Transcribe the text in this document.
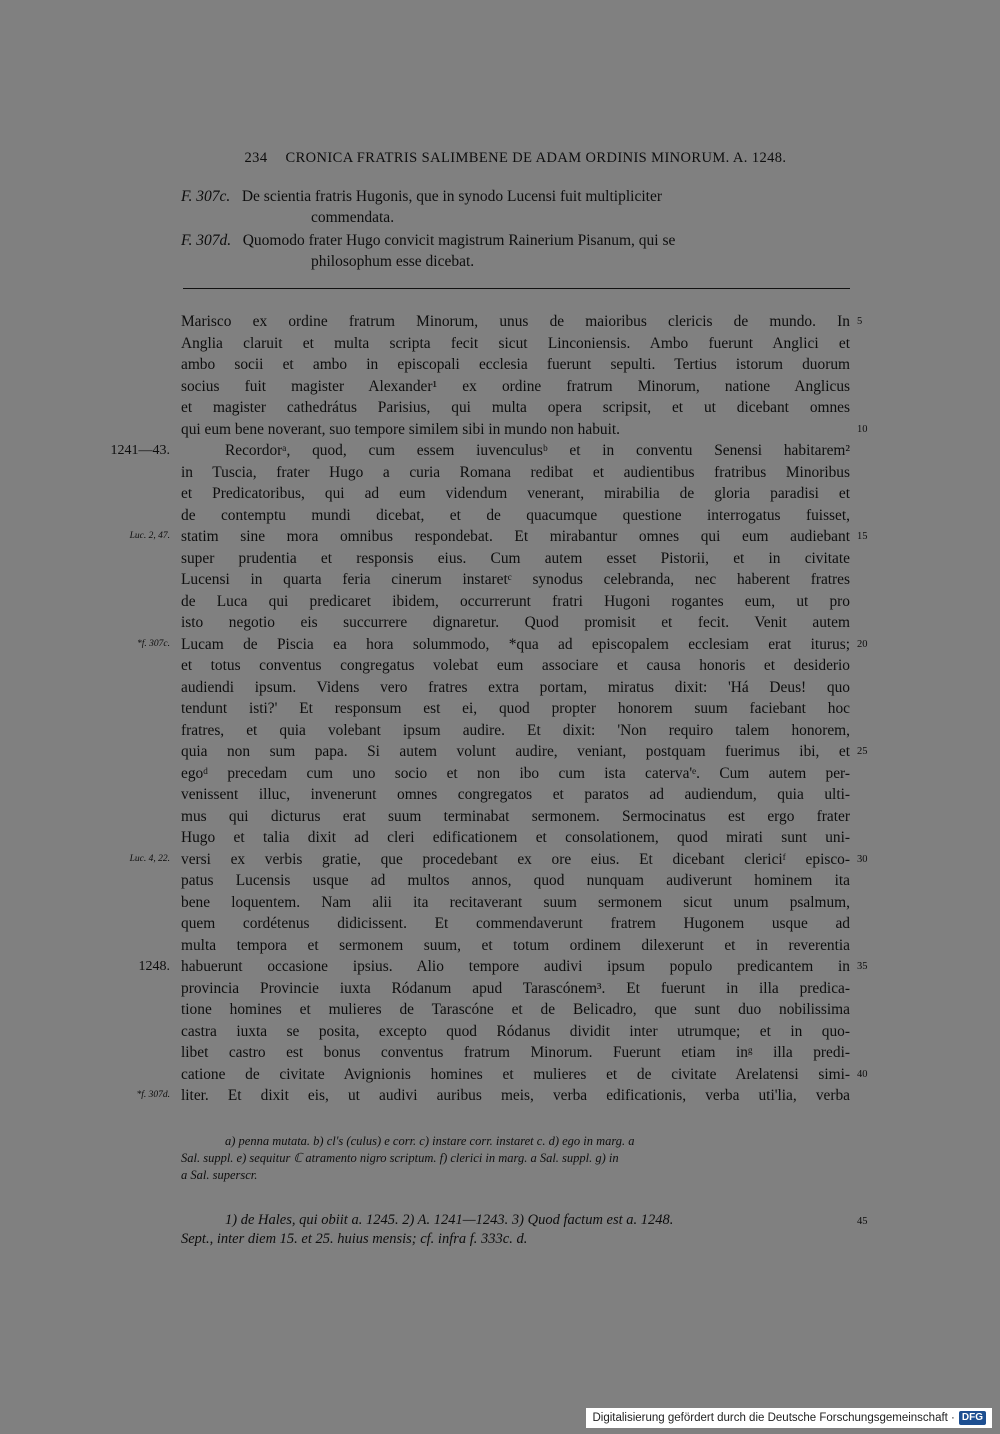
234 CRONICA FRATRIS SALIMBENE DE ADAM ORDINIS MINORUM. A. 1248.
F. 307c. De scientia fratris Hugonis, que in synodo Lucensi fuit multipliciter
commendata.
F. 307d. Quomodo frater Hugo convicit magistrum Rainerium Pisanum, qui se
philosophum esse dicebat.
Marisco ex ordine fratrum Minorum, unus de maioribus clericis de mundo. In
Anglia claruit et multa scripta fecit sicut Linconiensis. Ambo fuerunt Anglici et
ambo socii et ambo in episcopali ecclesia fuerunt sepulti. Tertius istorum duorum
socius fuit magister Alexander¹ ex ordine fratrum Minorum, natione Anglicus
et magister cathedrátus Parisius, qui multa opera scripsit, et ut dicebant omnes
qui eum bene noverant, suo tempore similem sibi in mundo non habuit.
Recordorᵃ, quod, cum essem iuvenculusᵇ et in conventu Senensi habitarem²
in Tuscia, frater Hugo a curia Romana redibat et audientibus fratribus Minoribus
et Predicatoribus, qui ad eum videndum venerant, mirabilia de gloria paradisi et
de contemptu mundi dicebat, et de quacumque questione interrogatus fuisset,
statim sine mora omnibus respondebat. Et mirabantur omnes qui eum audiebant
super prudentia et responsis eius. Cum autem esset Pistorii, et in civitate
Lucensi in quarta feria cinerum instaretᶜ synodus celebranda, nec haberent fratres
de Luca qui predicaret ibidem, occurrerunt fratri Hugoni rogantes eum, ut pro
isto negotio eis succurrere dignaretur. Quod promisit et fecit. Venit autem
Lucam de Piscia ea hora solummodo, *qua ad episcopalem ecclesiam erat iturus;
et totus conventus congregatus volebat eum associare et causa honoris et desiderio
audiendi ipsum. Videns vero fratres extra portam, miratus dixit: 'Há Deus! quo
tendunt isti?' Et responsum est ei, quod propter honorem suum faciebant hoc
fratres, et quia volebant ipsum audire. Et dixit: 'Non requiro talem honorem,
quia non sum papa. Si autem volunt audire, veniant, postquam fuerimus ibi, et
egoᵈ precedam cum uno socio et non ibo cum ista caterva'ᵉ. Cum autem per-
venissent illuc, invenerunt omnes congregatos et paratos ad audiendum, quia ulti-
mus qui dicturus erat suum terminabat sermonem. Sermocinatus est ergo frater
Hugo et talia dixit ad cleri edificationem et consolationem, quod mirati sunt uni-
versi ex verbis gratie, que procedebant ex ore eius. Et dicebant clericiᶠ episco-
patus Lucensis usque ad multos annos, quod nunquam audiverunt hominem ita
bene loquentem. Nam alii ita recitaverant suum sermonem sicut unum psalmum,
quem cordétenus didicissent. Et commendaverunt fratrem Hugonem usque ad
multa tempora et sermonem suum, et totum ordinem dilexerunt et in reverentia
habuerunt occasione ipsius. Alio tempore audivi ipsum populo predicantem in
provincia Provincie iuxta Ródanum apud Tarascónem³. Et fuerunt in illa predica-
tione homines et mulieres de Tarascóne et de Belicadro, que sunt duo nobilissima
castra iuxta se posita, excepto quod Ródanus dividit inter utrumque; et in quo-
libet castro est bonus conventus fratrum Minorum. Fuerunt etiam inᵍ illa predi-
catione de civitate Avignionis homines et mulieres et de civitate Arelatensi simi-
liter. Et dixit eis, ut audivi auribus meis, verba edificationis, verba uti'lia, verba
1241—43.
Luc. 2, 47.
*f. 307c.
Luc. 4, 22.
1248.
*f. 307d.
5
10
15
20
25
30
35
40
a) penna mutata. b) cl's (culus) e corr. c) instare corr. instaret c. d) ego in marg. a
Sal. suppl. e) sequitur ℂ atramento nigro scriptum. f) clerici in marg. a Sal. suppl. g) in
a Sal. superscr.
1) de Hales, qui obiit a. 1245. 2) A. 1241—1243. 3) Quod factum est a. 1248.
Sept., inter diem 15. et 25. huius mensis; cf. infra f. 333c. d.
45
Digitalisierung gefördert durch die Deutsche Forschungsgemeinschaft · DFG
